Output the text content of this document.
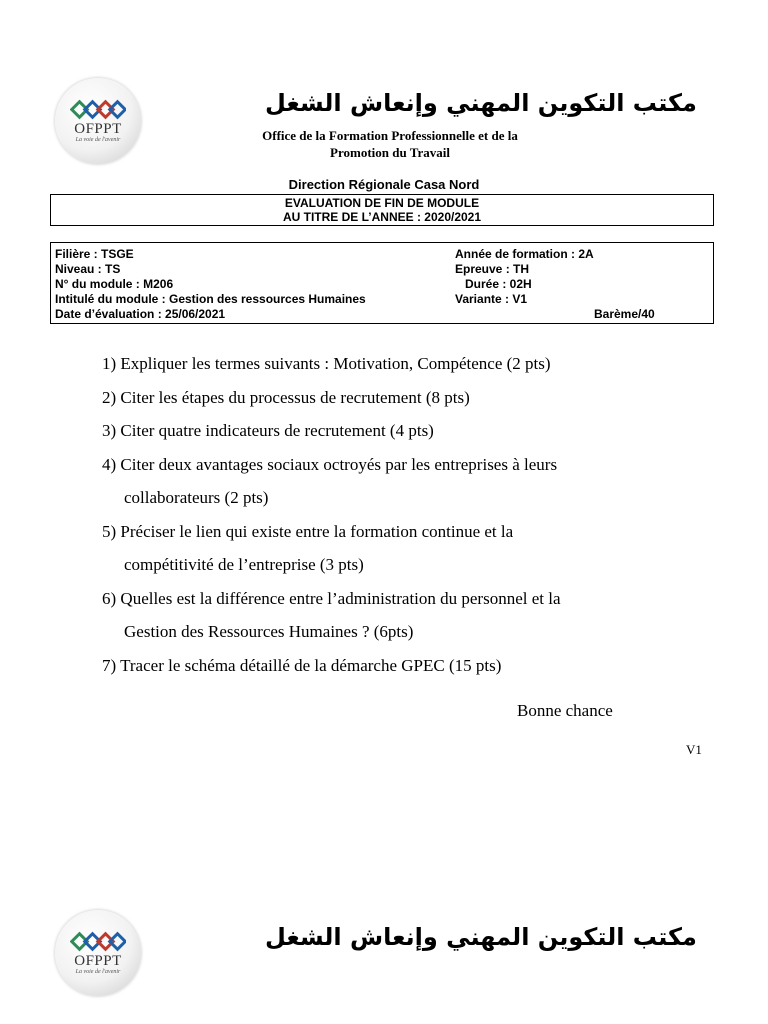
OFPPT
La voie de l'avenir
مكتب التكوين المهني وإنعاش الشغل
Office de la Formation Professionnelle et de la
Promotion du Travail
Direction Régionale Casa Nord
EVALUATION DE FIN DE MODULE
AU TITRE DE L’ANNEE : 2020/2021
Filière : TSGE
Niveau : TS
N° du module : M206
Intitulé du module : Gestion des ressources Humaines
Date d’évaluation : 25/06/2021
Année de formation : 2A
Epreuve : TH
Durée : 02H
Variante : V1
Barème/40
1) Expliquer les termes suivants : Motivation, Compétence (2 pts)
2) Citer les étapes du processus de recrutement (8 pts)
3) Citer quatre indicateurs de recrutement (4 pts)
4) Citer deux avantages sociaux octroyés par les entreprises à leurs
collaborateurs (2 pts)
5) Préciser le lien qui existe entre la formation continue et la
compétitivité de l’entreprise (3 pts)
6) Quelles est la différence entre l’administration du personnel et la
Gestion des Ressources Humaines ? (6pts)
7) Tracer le schéma détaillé de la démarche GPEC (15 pts)
Bonne chance
V1
OFPPT
La voie de l'avenir
مكتب التكوين المهني وإنعاش الشغل
